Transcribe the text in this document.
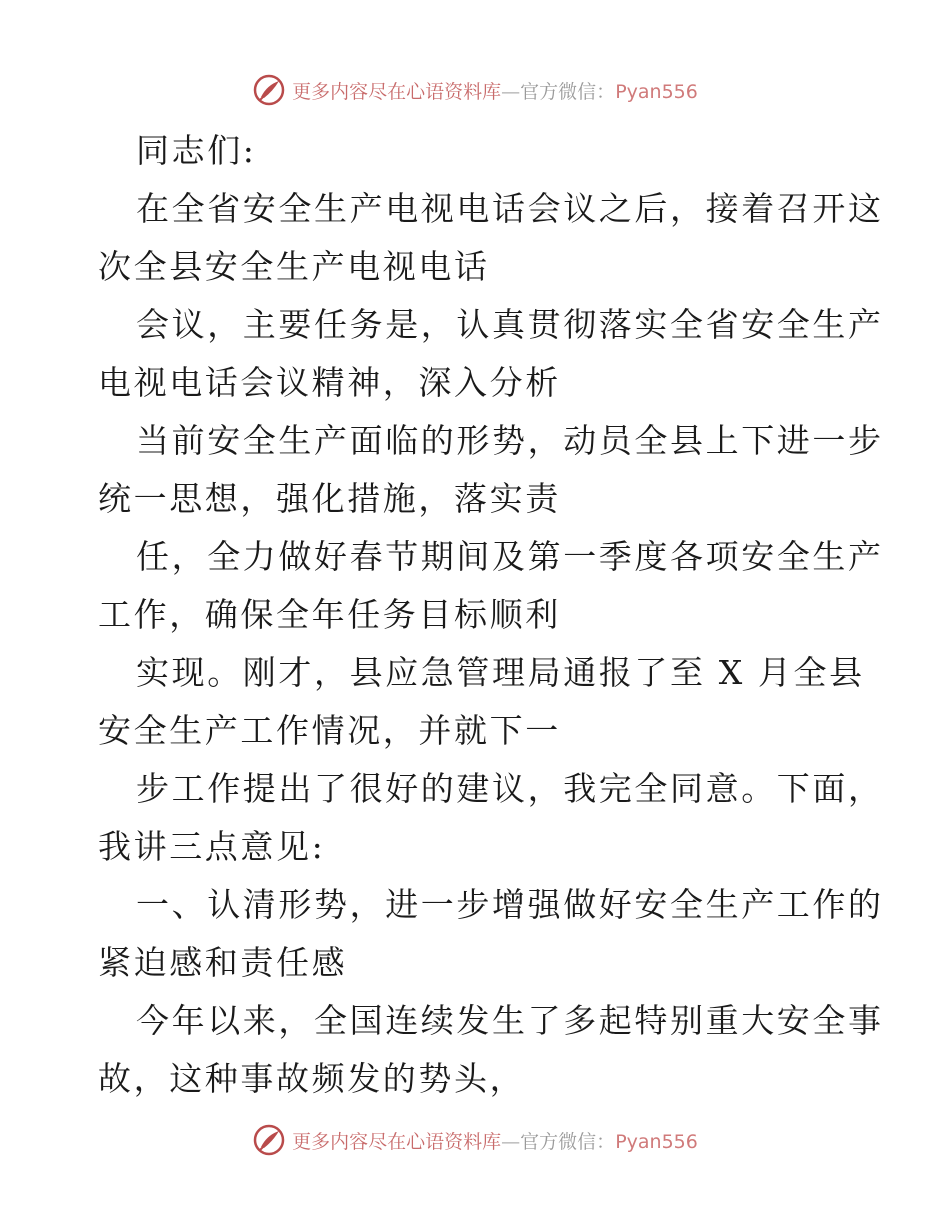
更多内容尽在心语资料库—官方微信：Pyan556
同志们:
在全省安全生产电视电话会议之后，接着召开这
次全县安全生产电视电话
会议，主要任务是，认真贯彻落实全省安全生产
电视电话会议精神，深入分析
当前安全生产面临的形势，动员全县上下进一步
统一思想，强化措施，落实责
任，全力做好春节期间及第一季度各项安全生产
工作，确保全年任务目标顺利
实现。刚才，县应急管理局通报了至 X 月全县
安全生产工作情况，并就下一
步工作提出了很好的建议，我完全同意。下面，
我讲三点意见:
一、认清形势，进一步增强做好安全生产工作的
紧迫感和责任感
今年以来，全国连续发生了多起特别重大安全事
故，这种事故频发的势头，
更多内容尽在心语资料库—官方微信：Pyan556
